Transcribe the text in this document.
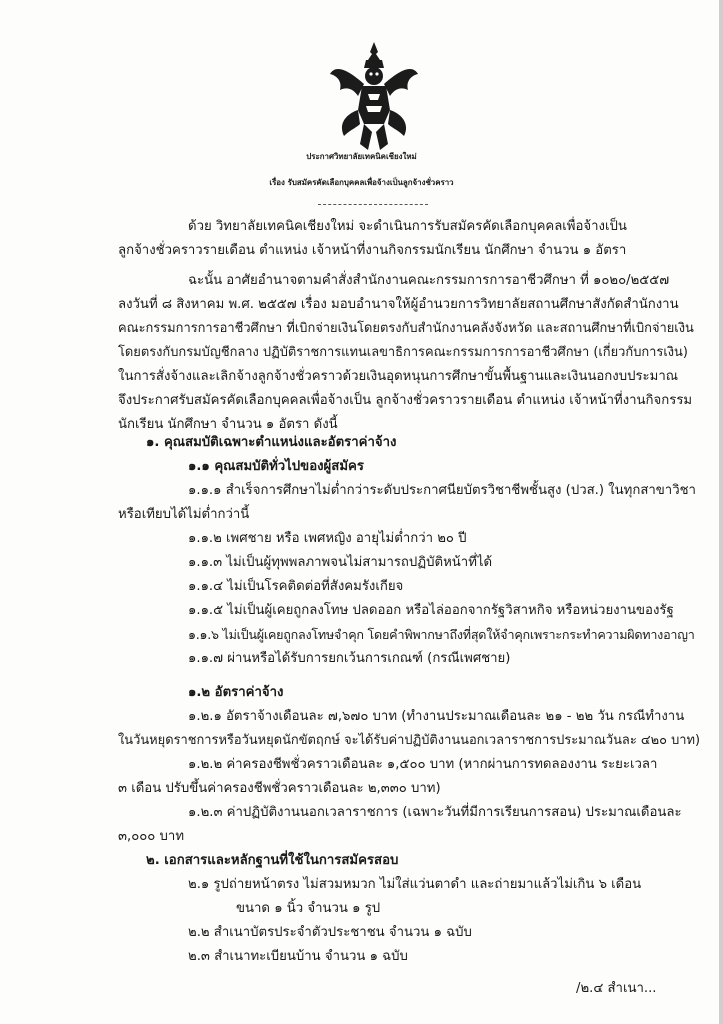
ประกาศวิทยาลัยเทคนิคเชียงใหม่
เรื่อง รับสมัครคัดเลือกบุคคลเพื่อจ้างเป็นลูกจ้างชั่วคราว
ด้วย วิทยาลัยเทคนิคเชียงใหม่ จะดำเนินการรับสมัครคัดเลือกบุคคลเพื่อจ้างเป็น
ลูกจ้างชั่วคราวรายเดือน ตำแหน่ง เจ้าหน้าที่งานกิจกรรมนักเรียน นักศึกษา จำนวน ๑ อัตรา
ฉะนั้น อาศัยอำนาจตามคำสั่งสำนักงานคณะกรรมการการอาชีวศึกษา ที่ ๑๐๒๐/๒๕๕๗
ลงวันที่ ๘ สิงหาคม พ.ศ. ๒๕๕๗ เรื่อง มอบอำนาจให้ผู้อำนวยการวิทยาลัยสถานศึกษาสังกัดสำนักงาน
คณะกรรมการการอาชีวศึกษา ที่เบิกจ่ายเงินโดยตรงกับสำนักงานคลังจังหวัด และสถานศึกษาที่เบิกจ่ายเงิน
โดยตรงกับกรมบัญชีกลาง ปฏิบัติราชการแทนเลขาธิการคณะกรรมการการอาชีวศึกษา (เกี่ยวกับการเงิน)
ในการสั่งจ้างและเลิกจ้างลูกจ้างชั่วคราวด้วยเงินอุดหนุนการศึกษาขั้นพื้นฐานและเงินนอกงบประมาณ
จึงประกาศรับสมัครคัดเลือกบุคคลเพื่อจ้างเป็น ลูกจ้างชั่วคราวรายเดือน ตำแหน่ง เจ้าหน้าที่งานกิจกรรม
นักเรียน นักศึกษา จำนวน ๑ อัตรา ดังนี้
๑. คุณสมบัติเฉพาะตำแหน่งและอัตราค่าจ้าง
๑.๑ คุณสมบัติทั่วไปของผู้สมัคร
๑.๑.๑ สำเร็จการศึกษาไม่ต่ำกว่าระดับประกาศนียบัตรวิชาชีพชั้นสูง (ปวส.) ในทุกสาขาวิชา
หรือเทียบได้ไม่ต่ำกว่านี้
๑.๑.๒ เพศชาย หรือ เพศหญิง อายุไม่ต่ำกว่า ๒๐ ปี
๑.๑.๓ ไม่เป็นผู้ทุพพลภาพจนไม่สามารถปฏิบัติหน้าที่ได้
๑.๑.๔ ไม่เป็นโรคติดต่อที่สังคมรังเกียจ
๑.๑.๕ ไม่เป็นผู้เคยถูกลงโทษ ปลดออก หรือไล่ออกจากรัฐวิสาหกิจ หรือหน่วยงานของรัฐ
๑.๑.๖ ไม่เป็นผู้เคยถูกลงโทษจำคุก โดยคำพิพากษาถึงที่สุดให้จำคุกเพราะกระทำความผิดทางอาญา
๑.๑.๗ ผ่านหรือได้รับการยกเว้นการเกณฑ์ (กรณีเพศชาย)
๑.๒ อัตราค่าจ้าง
๑.๒.๑ อัตราจ้างเดือนละ ๗,๖๗๐ บาท (ทำงานประมาณเดือนละ ๒๑ - ๒๒ วัน กรณีทำงาน
ในวันหยุดราชการหรือวันหยุดนักขัตฤกษ์ จะได้รับค่าปฏิบัติงานนอกเวลาราชการประมาณวันละ ๔๒๐ บาท)
๑.๒.๒ ค่าครองชีพชั่วคราวเดือนละ ๑,๕๐๐ บาท (หากผ่านการทดลองงาน ระยะเวลา
๓ เดือน ปรับขึ้นค่าครองชีพชั่วคราวเดือนละ ๒,๓๓๐ บาท)
๑.๒.๓ ค่าปฏิบัติงานนอกเวลาราชการ (เฉพาะวันที่มีการเรียนการสอน) ประมาณเดือนละ
๓,๐๐๐ บาท
๒. เอกสารและหลักฐานที่ใช้ในการสมัครสอบ
๒.๑ รูปถ่ายหน้าตรง ไม่สวมหมวก ไม่ใส่แว่นตาดำ และถ่ายมาแล้วไม่เกิน ๖ เดือน
ขนาด ๑ นิ้ว จำนวน ๑ รูป
๒.๒ สำเนาบัตรประจำตัวประชาชน จำนวน ๑ ฉบับ
๒.๓ สำเนาทะเบียนบ้าน จำนวน ๑ ฉบับ
/๒.๔ สำเนา...
